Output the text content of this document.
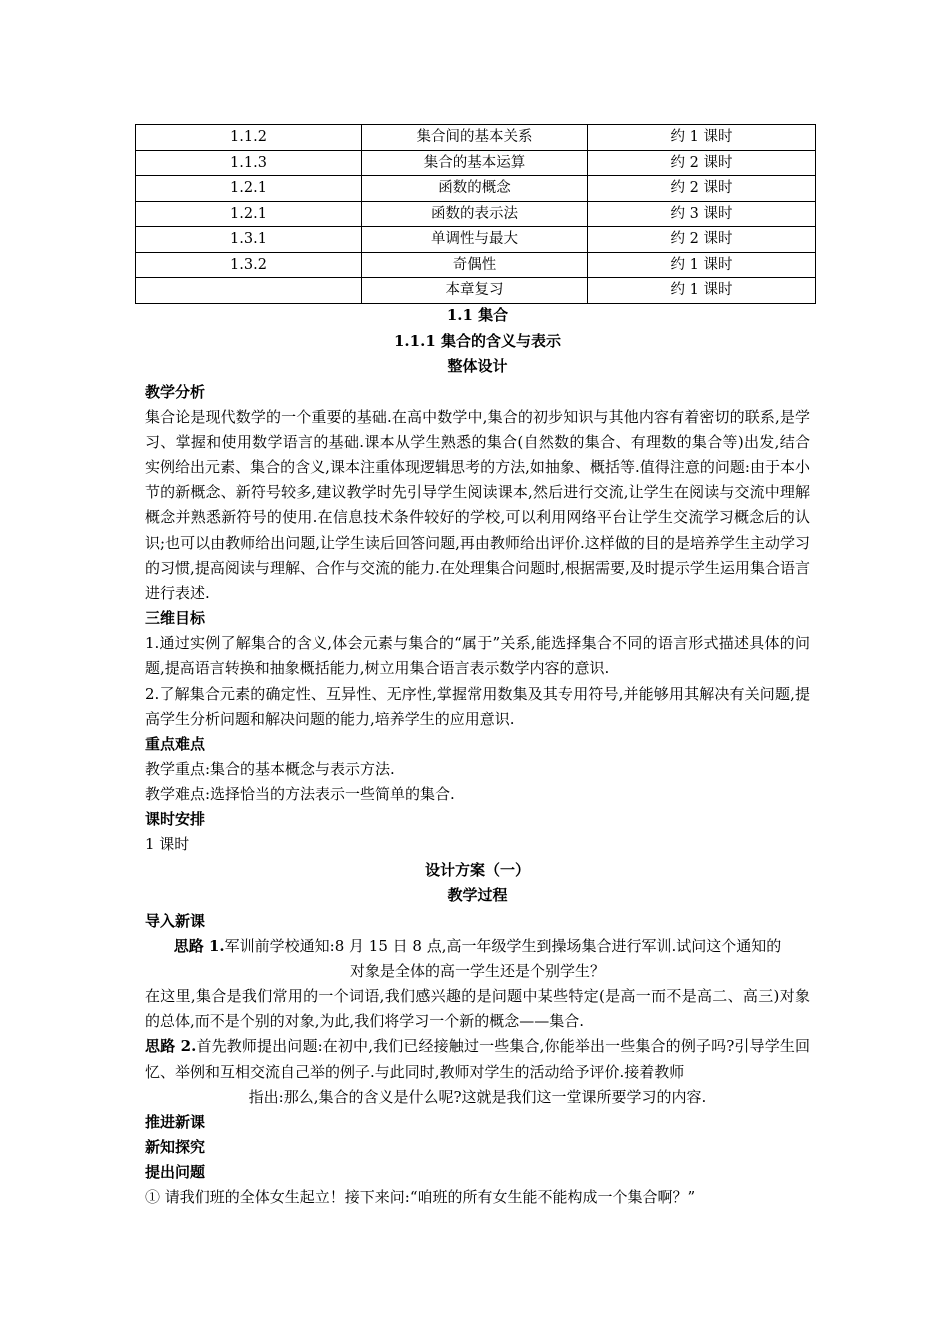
1.1.2	集合间的基本关系	约 1 课时
1.1.3	集合的基本运算	约 2 课时
1.2.1	函数的概念	约 2 课时
1.2.1	函数的表示法	约 3 课时
1.3.1	单调性与最大	约 2 课时
1.3.2	奇偶性	约 1 课时
	本章复习	约 1 课时

1.1 集合

1.1.1 集合的含义与表示

整体设计

教学分析

集合论是现代数学的一个重要的基础.在高中数学中,集合的初步知识与其他内容有着密切的联系,是学习、掌握和使用数学语言的基础.课本从学生熟悉的集合(自然数的集合、有理数的集合等)出发,结合实例给出元素、集合的含义,课本注重体现逻辑思考的方法,如抽象、概括等.值得注意的问题:由于本小节的新概念、新符号较多,建议教学时先引导学生阅读课本,然后进行交流,让学生在阅读与交流中理解概念并熟悉新符号的使用.在信息技术条件较好的学校,可以利用网络平台让学生交流学习概念后的认识;也可以由教师给出问题,让学生读后回答问题,再由教师给出评价.这样做的目的是培养学生主动学习的习惯,提高阅读与理解、合作与交流的能力.在处理集合问题时,根据需要,及时提示学生运用集合语言进行表述.

三维目标

1.通过实例了解集合的含义,体会元素与集合的“属于”关系,能选择集合不同的语言形式描述具体的问题,提高语言转换和抽象概括能力,树立用集合语言表示数学内容的意识.

2.了解集合元素的确定性、互异性、无序性,掌握常用数集及其专用符号,并能够用其解决有关问题,提高学生分析问题和解决问题的能力,培养学生的应用意识.

重点难点

教学重点:集合的基本概念与表示方法.

教学难点:选择恰当的方法表示一些简单的集合.

课时安排

1 课时

设计方案（一）

教学过程

导入新课

思路 1.军训前学校通知:8 月 15 日 8 点,高一年级学生到操场集合进行军训.试问这个通知的

对象是全体的高一学生还是个别学生？

在这里,集合是我们常用的一个词语,我们感兴趣的是问题中某些特定(是高一而不是高二、高三)对象的总体,而不是个别的对象,为此,我们将学习一个新的概念——集合.

思路 2.首先教师提出问题:在初中,我们已经接触过一些集合,你能举出一些集合的例子吗?引导学生回忆、举例和互相交流自己举的例子.与此同时,教师对学生的活动给予评价.接着教师

指出:那么,集合的含义是什么呢?这就是我们这一堂课所要学习的内容.

推进新课

新知探究

提出问题

① 请我们班的全体女生起立！接下来问:“咱班的所有女生能不能构成一个集合啊？”
